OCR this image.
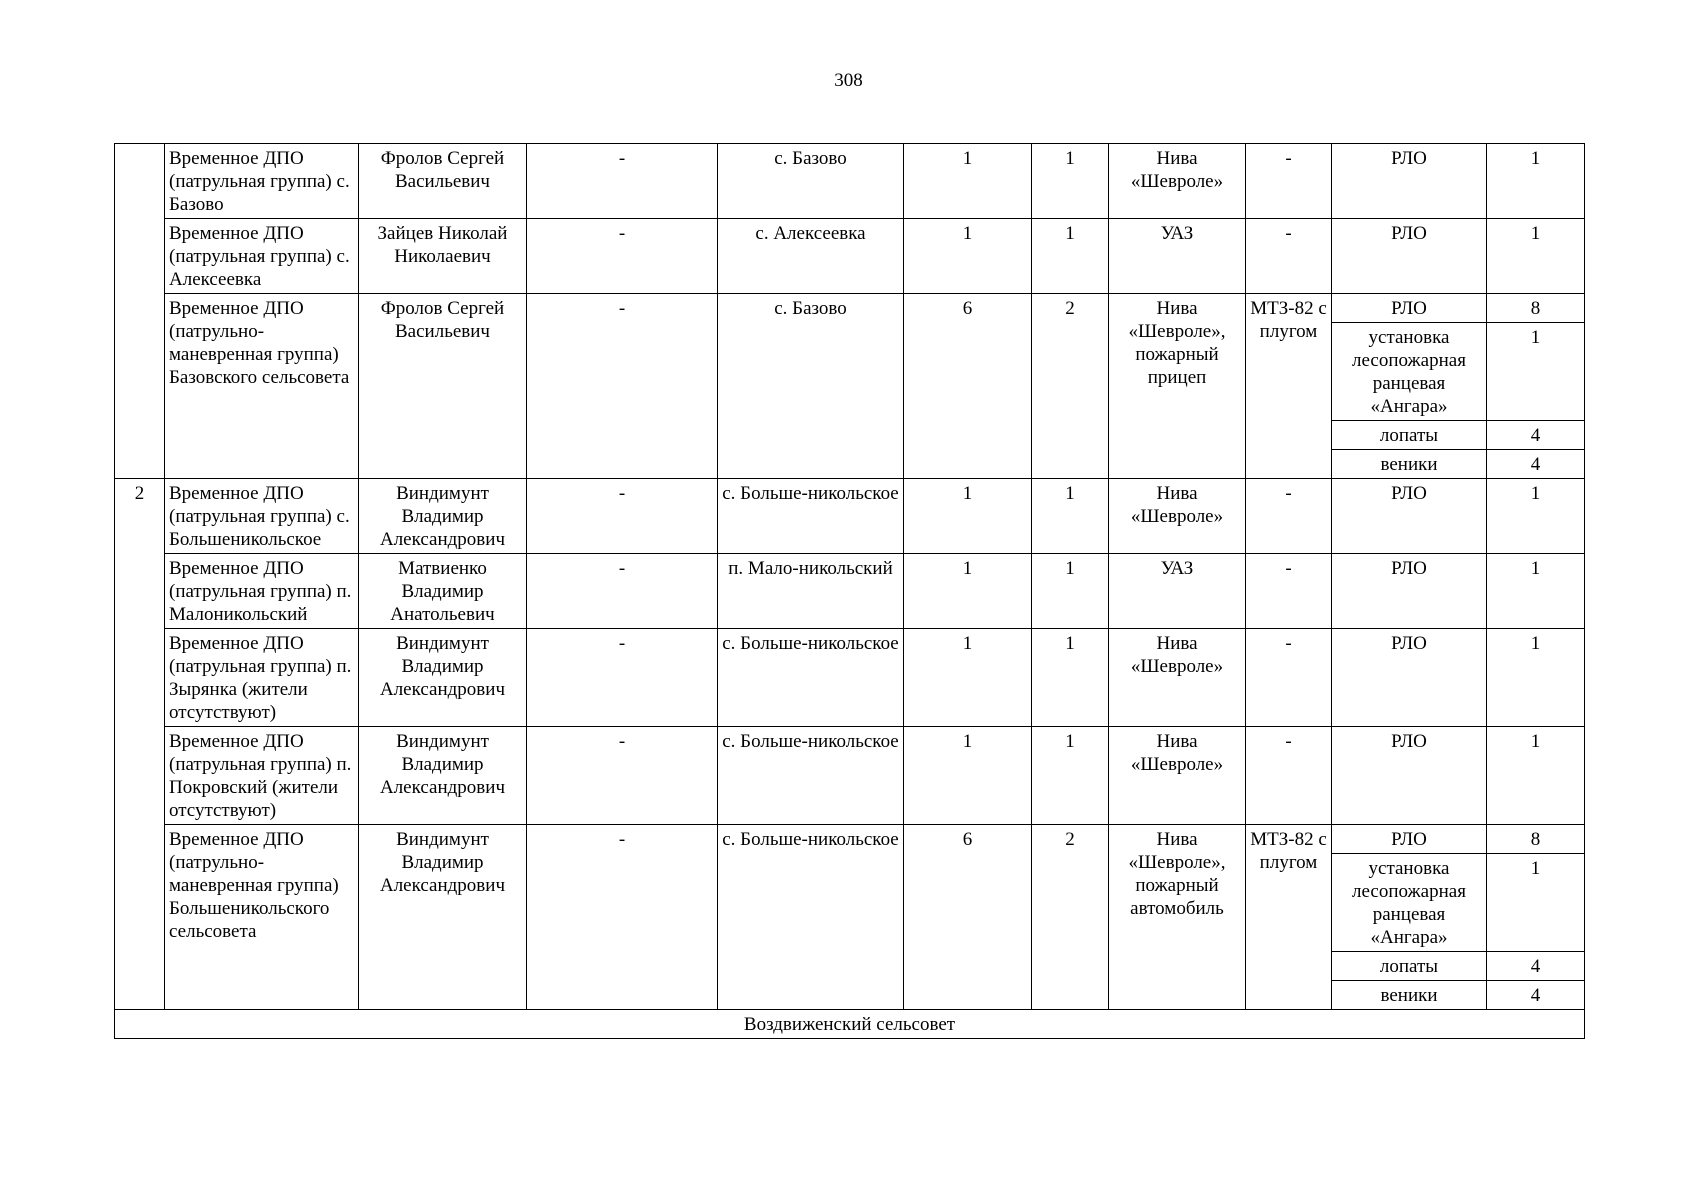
308
	Временное ДПО (патрульная группа) с. Базово	Фролов Сергей Васильевич	-	с. Базово	1	1	Нива «Шевроле»	-	РЛО	1
	Временное ДПО (патрульная группа) с. Алексеевка	Зайцев Николай Николаевич	-	с. Алексеевка	1	1	УАЗ	-	РЛО	1
	Временное ДПО (патрульно-маневренная группа) Базовского сельсовета	Фролов Сергей Васильевич	-	с. Базово	6	2	Нива «Шевроле», пожарный прицеп	МТЗ-82 с плугом	РЛО	8
									установка лесопожарная ранцевая «Ангара»	1
									лопаты	4
									веники	4
2	Временное ДПО (патрульная группа) с. Большеникольское	Виндимунт Владимир Александрович	-	с. Больше-никольское	1	1	Нива «Шевроле»	-	РЛО	1
	Временное ДПО (патрульная группа) п. Малоникольский	Матвиенко Владимир Анатольевич	-	п. Мало-никольский	1	1	УАЗ	-	РЛО	1
	Временное ДПО (патрульная группа) п. Зырянка (жители отсутствуют)	Виндимунт Владимир Александрович	-	с. Больше-никольское	1	1	Нива «Шевроле»	-	РЛО	1
	Временное ДПО (патрульная группа) п. Покровский (жители отсутствуют)	Виндимунт Владимир Александрович	-	с. Больше-никольское	1	1	Нива «Шевроле»	-	РЛО	1
	Временное ДПО (патрульно-маневренная группа) Большеникольского сельсовета	Виндимунт Владимир Александрович	-	с. Больше-никольское	6	2	Нива «Шевроле», пожарный автомобиль	МТЗ-82 с плугом	РЛО	8
									установка лесопожарная ранцевая «Ангара»	1
									лопаты	4
									веники	4
Воздвиженский сельсовет										
